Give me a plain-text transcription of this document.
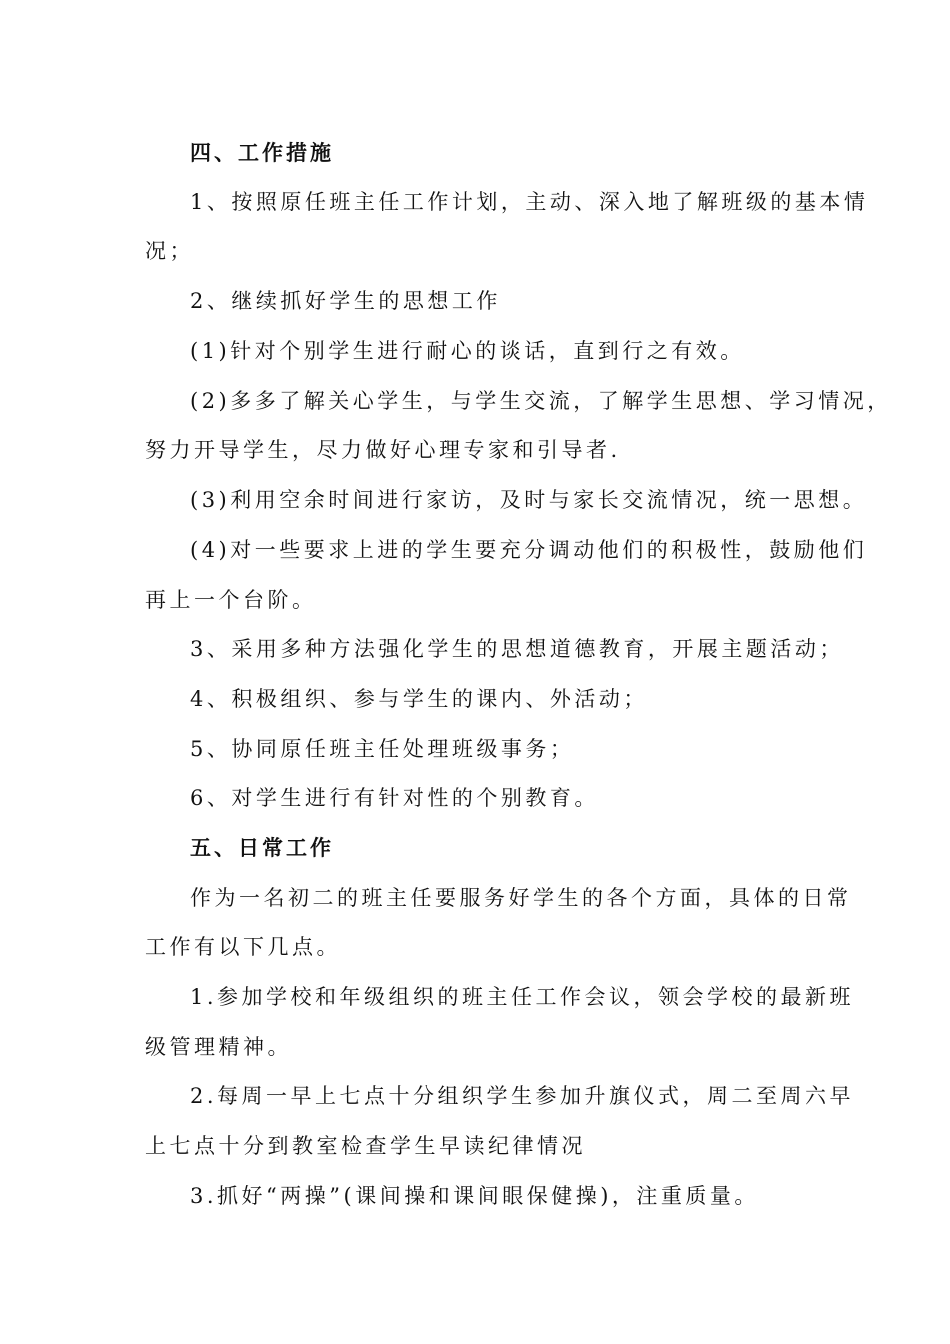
四、工作措施
1、按照原任班主任工作计划，主动、深入地了解班级的基本情
况；
2、继续抓好学生的思想工作
(1)针对个别学生进行耐心的谈话，直到行之有效。
(2)多多了解关心学生，与学生交流，了解学生思想、学习情况，
努力开导学生，尽力做好心理专家和引导者.
(3)利用空余时间进行家访，及时与家长交流情况，统一思想。
(4)对一些要求上进的学生要充分调动他们的积极性，鼓励他们
再上一个台阶。
3、采用多种方法强化学生的思想道德教育，开展主题活动；
4、积极组织、参与学生的课内、外活动；
5、协同原任班主任处理班级事务；
6、对学生进行有针对性的个别教育。
五、日常工作
作为一名初二的班主任要服务好学生的各个方面，具体的日常
工作有以下几点。
1.参加学校和年级组织的班主任工作会议，领会学校的最新班
级管理精神。
2.每周一早上七点十分组织学生参加升旗仪式，周二至周六早
上七点十分到教室检查学生早读纪律情况
3.抓好“两操”(课间操和课间眼保健操)，注重质量。
